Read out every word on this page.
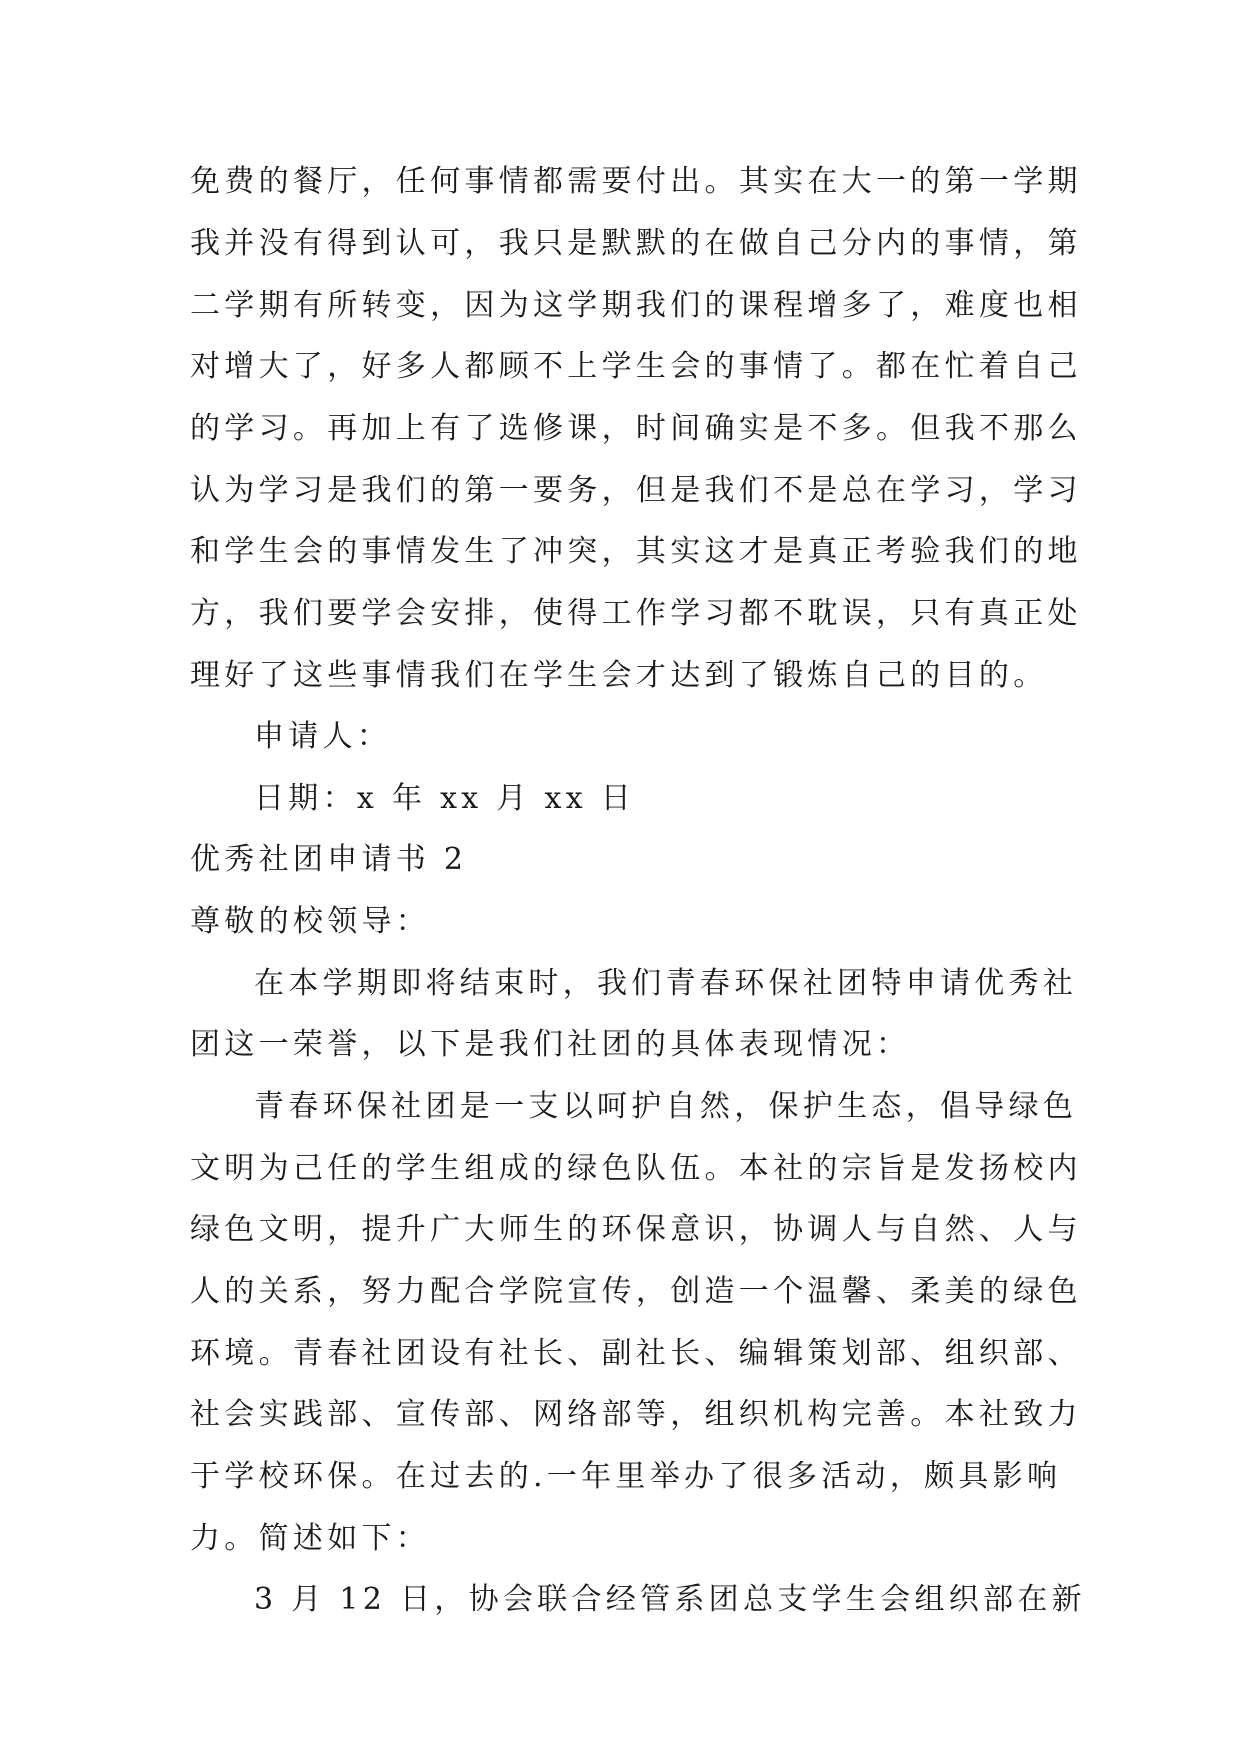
免费的餐厅，任何事情都需要付出。其实在大一的第一学期
我并没有得到认可，我只是默默的在做自己分内的事情，第
二学期有所转变，因为这学期我们的课程增多了，难度也相
对增大了，好多人都顾不上学生会的事情了。都在忙着自己
的学习。再加上有了选修课，时间确实是不多。但我不那么
认为学习是我们的第一要务，但是我们不是总在学习，学习
和学生会的事情发生了冲突，其实这才是真正考验我们的地
方，我们要学会安排，使得工作学习都不耽误，只有真正处
理好了这些事情我们在学生会才达到了锻炼自己的目的。
申请人：
日期：x 年 xx 月 xx 日
优秀社团申请书 2
尊敬的校领导：
在本学期即将结束时，我们青春环保社团特申请优秀社
团这一荣誉，以下是我们社团的具体表现情况：
青春环保社团是一支以呵护自然，保护生态，倡导绿色
文明为己任的学生组成的绿色队伍。本社的宗旨是发扬校内
绿色文明，提升广大师生的环保意识，协调人与自然、人与
人的关系，努力配合学院宣传，创造一个温馨、柔美的绿色
环境。青春社团设有社长、副社长、编辑策划部、组织部、
社会实践部、宣传部、网络部等，组织机构完善。本社致力
于学校环保。在过去的.一年里举办了很多活动，颇具影响
力。简述如下：
3 月 12 日，协会联合经管系团总支学生会组织部在新
